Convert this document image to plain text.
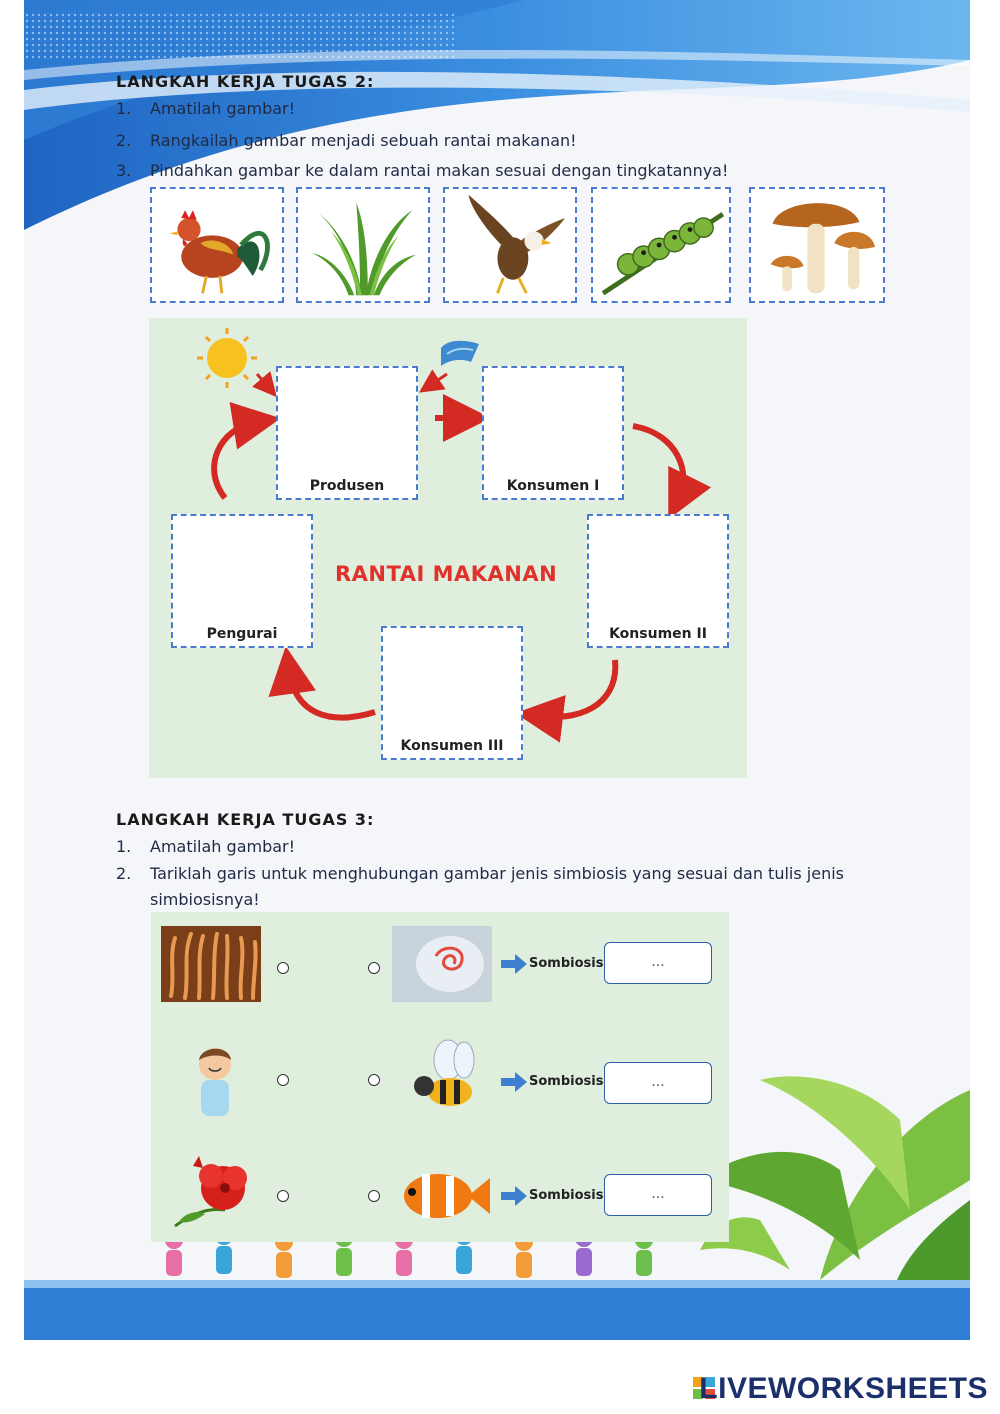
LANGKAH KERJA TUGAS 2:
1. Amatilah gambar!
2. Rangkailah gambar menjadi sebuah rantai makanan!
3. Pindahkan gambar ke dalam rantai makan sesuai dengan tingkatannya!
Produsen	Konsumen I
Pengurai	Konsumen II
Konsumen III
RANTAI MAKANAN
LANGKAH KERJA TUGAS 3:
1. Amatilah gambar!
2. Tariklah garis untuk menghubungan gambar jenis simbiosis yang sesuai dan tulis jenis
simbiosisnya!
Sombiosis	...
Sombiosis	...
Sombiosis	...
LIVEWORKSHEETS
